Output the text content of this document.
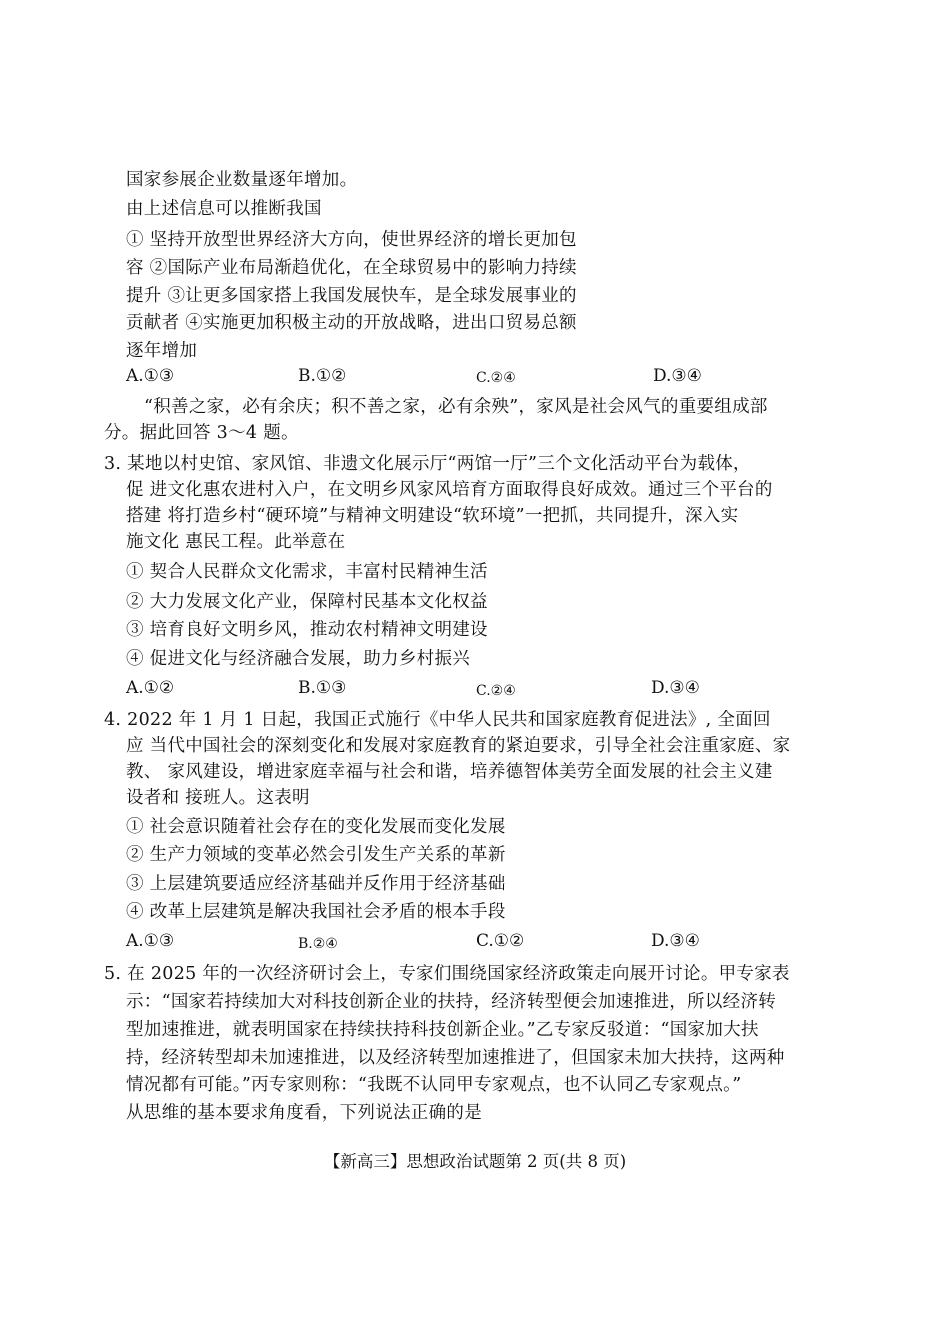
国家参展企业数量逐年增加。
由上述信息可以推断我国
① 坚持开放型世界经济大方向，使世界经济的增长更加包
容 ②国际产业布局渐趋优化，在全球贸易中的影响力持续
提升 ③让更多国家搭上我国发展快车，是全球发展事业的
贡献者 ④实施更加积极主动的开放战略，进出口贸易总额
逐年增加
A.①③	B.①②	C.②④	D.③④
“积善之家，必有余庆；积不善之家，必有余殃”，家风是社会风气的重要组成部
分。据此回答 3～4 题。
3. 某地以村史馆、家风馆、非遗文化展示厅“两馆一厅”三个文化活动平台为载体，
促 进文化惠农进村入户，在文明乡风家风培育方面取得良好成效。通过三个平台的
搭建 将打造乡村“硬环境”与精神文明建设“软环境”一把抓，共同提升，深入实
施文化 惠民工程。此举意在
① 契合人民群众文化需求，丰富村民精神生活
② 大力发展文化产业，保障村民基本文化权益
③ 培育良好文明乡风，推动农村精神文明建设
④ 促进文化与经济融合发展，助力乡村振兴
A.①②	B.①③	C.②④	D.③④
4. 2022 年 1 月 1 日起，我国正式施行《中华人民共和国家庭教育促进法》, 全面回
应 当代中国社会的深刻变化和发展对家庭教育的紧迫要求，引导全社会注重家庭、家
教、 家风建设，增进家庭幸福与社会和谐，培养德智体美劳全面发展的社会主义建
设者和 接班人。这表明
① 社会意识随着社会存在的变化发展而变化发展
② 生产力领域的变革必然会引发生产关系的革新
③ 上层建筑要适应经济基础并反作用于经济基础
④ 改革上层建筑是解决我国社会矛盾的根本手段
A.①③	B.②④	C.①②	D.③④
5. 在 2025 年的一次经济研讨会上，专家们围绕国家经济政策走向展开讨论。甲专家表
示：“国家若持续加大对科技创新企业的扶持，经济转型便会加速推进，所以经济转
型加速推进，就表明国家在持续扶持科技创新企业。”乙专家反驳道：“国家加大扶
持，经济转型却未加速推进，以及经济转型加速推进了，但国家未加大扶持，这两种
情况都有可能。”丙专家则称：“我既不认同甲专家观点，也不认同乙专家观点。”
从思维的基本要求角度看，下列说法正确的是
【新高三】思想政治试题第 2 页(共 8 页)
